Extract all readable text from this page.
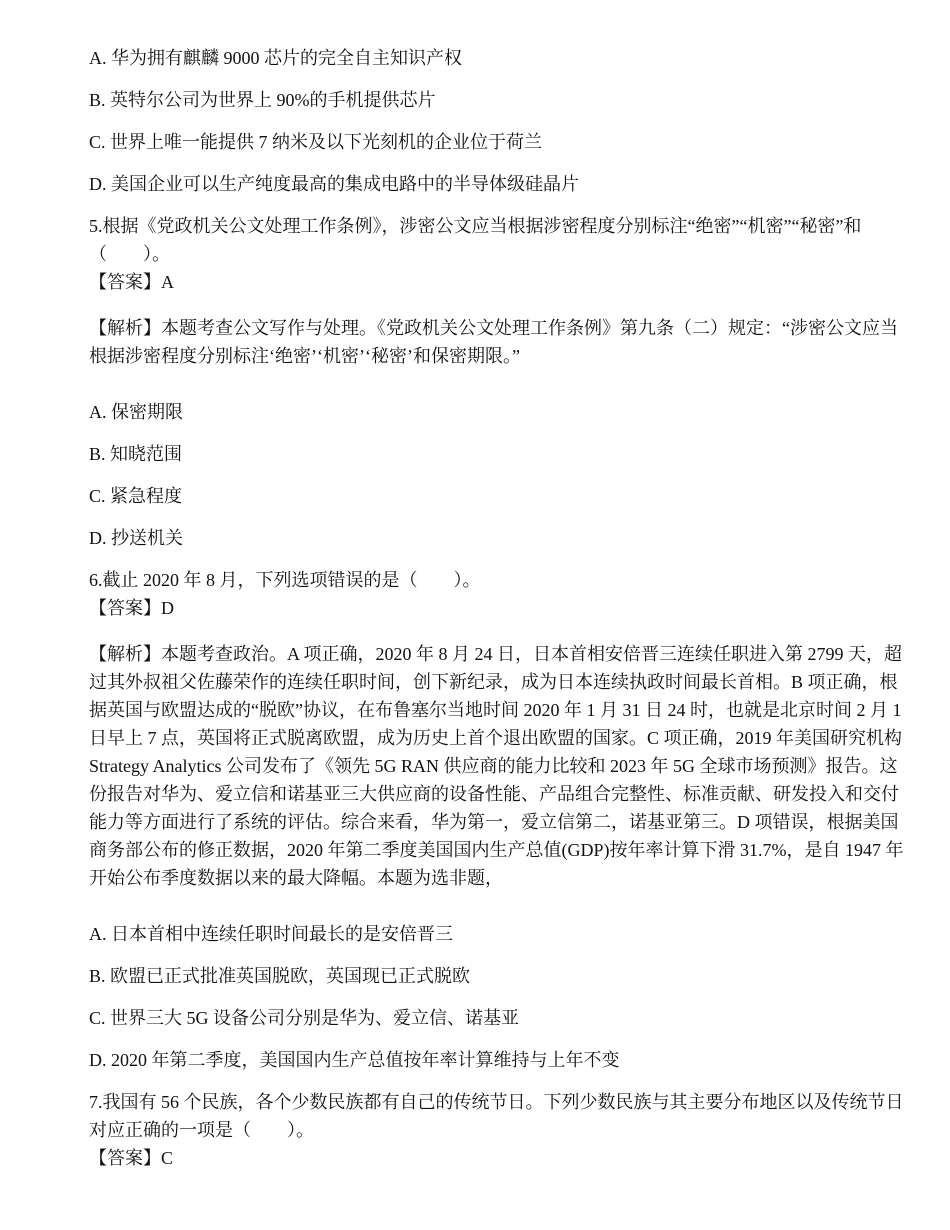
A. 华为拥有麒麟 9000 芯片的完全自主知识产权

B. 英特尔公司为世界上 90%的手机提供芯片

C. 世界上唯一能提供 7 纳米及以下光刻机的企业位于荷兰

D. 美国企业可以生产纯度最高的集成电路中的半导体级硅晶片

5.根据《党政机关公文处理工作条例》，涉密公文应当根据涉密程度分别标注“绝密”“机密”“秘密”和（　　）。

【答案】A

【解析】本题考查公文写作与处理。《党政机关公文处理工作条例》第九条（二）规定：“涉密公文应当根据涉密程度分别标注‘绝密’‘机密’‘秘密’和保密期限。”

A. 保密期限

B. 知晓范围

C. 紧急程度

D. 抄送机关

6.截止 2020 年 8 月，下列选项错误的是（　　）。

【答案】D

【解析】本题考查政治。A 项正确，2020 年 8 月 24 日，日本首相安倍晋三连续任职进入第 2799 天，超过其外叔祖父佐藤荣作的连续任职时间，创下新纪录，成为日本连续执政时间最长首相。B 项正确，根据英国与欧盟达成的“脱欧”协议，在布鲁塞尔当地时间 2020 年 1 月 31 日 24 时，也就是北京时间 2 月 1 日早上 7 点，英国将正式脱离欧盟，成为历史上首个退出欧盟的国家。C 项正确，2019 年美国研究机构 Strategy Analytics 公司发布了《领先 5G RAN 供应商的能力比较和 2023 年 5G 全球市场预测》报告。这份报告对华为、爱立信和诺基亚三大供应商的设备性能、产品组合完整性、标准贡献、研发投入和交付能力等方面进行了系统的评估。综合来看，华为第一，爱立信第二，诺基亚第三。D 项错误，根据美国商务部公布的修正数据，2020 年第二季度美国国内生产总值(GDP)按年率计算下滑 31.7%，是自 1947 年开始公布季度数据以来的最大降幅。本题为选非题，

A. 日本首相中连续任职时间最长的是安倍晋三

B. 欧盟已正式批准英国脱欧，英国现已正式脱欧

C. 世界三大 5G 设备公司分别是华为、爱立信、诺基亚

D. 2020 年第二季度，美国国内生产总值按年率计算维持与上年不变

7.我国有 56 个民族，各个少数民族都有自己的传统节日。下列少数民族与其主要分布地区以及传统节日对应正确的一项是（　　）。

【答案】C
